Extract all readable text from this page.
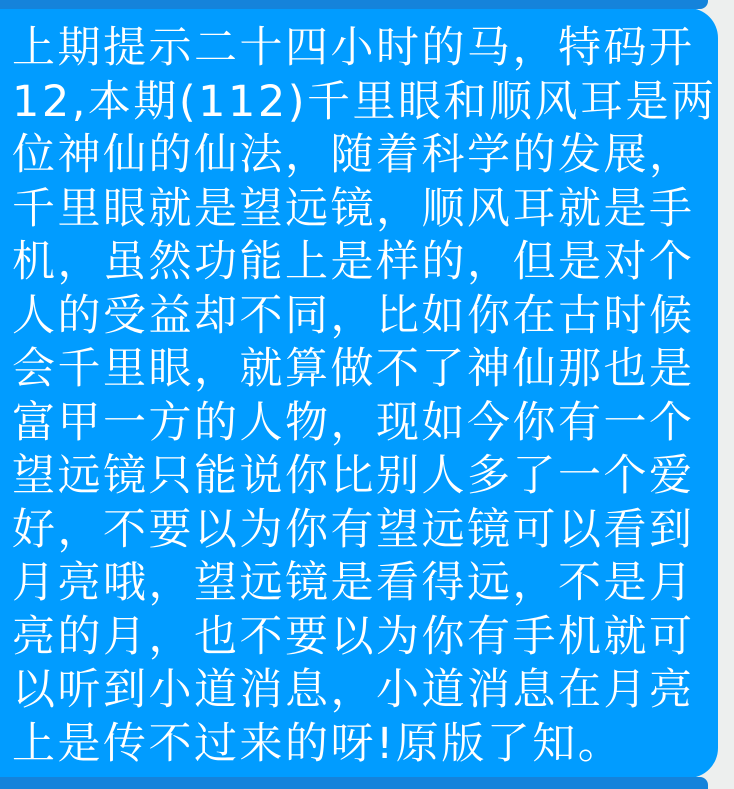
上期提示二十四小时的马，特码开
12,本期(112)千里眼和顺风耳是两
位神仙的仙法，随着科学的发展，
千里眼就是望远镜，顺风耳就是手
机，虽然功能上是样的，但是对个
人的受益却不同，比如你在古时候
会千里眼，就算做不了神仙那也是
富甲一方的人物，现如今你有一个
望远镜只能说你比别人多了一个爱
好，不要以为你有望远镜可以看到
月亮哦，望远镜是看得远，不是月
亮的月，也不要以为你有手机就可
以听到小道消息，小道消息在月亮
上是传不过来的呀!原版了知。
